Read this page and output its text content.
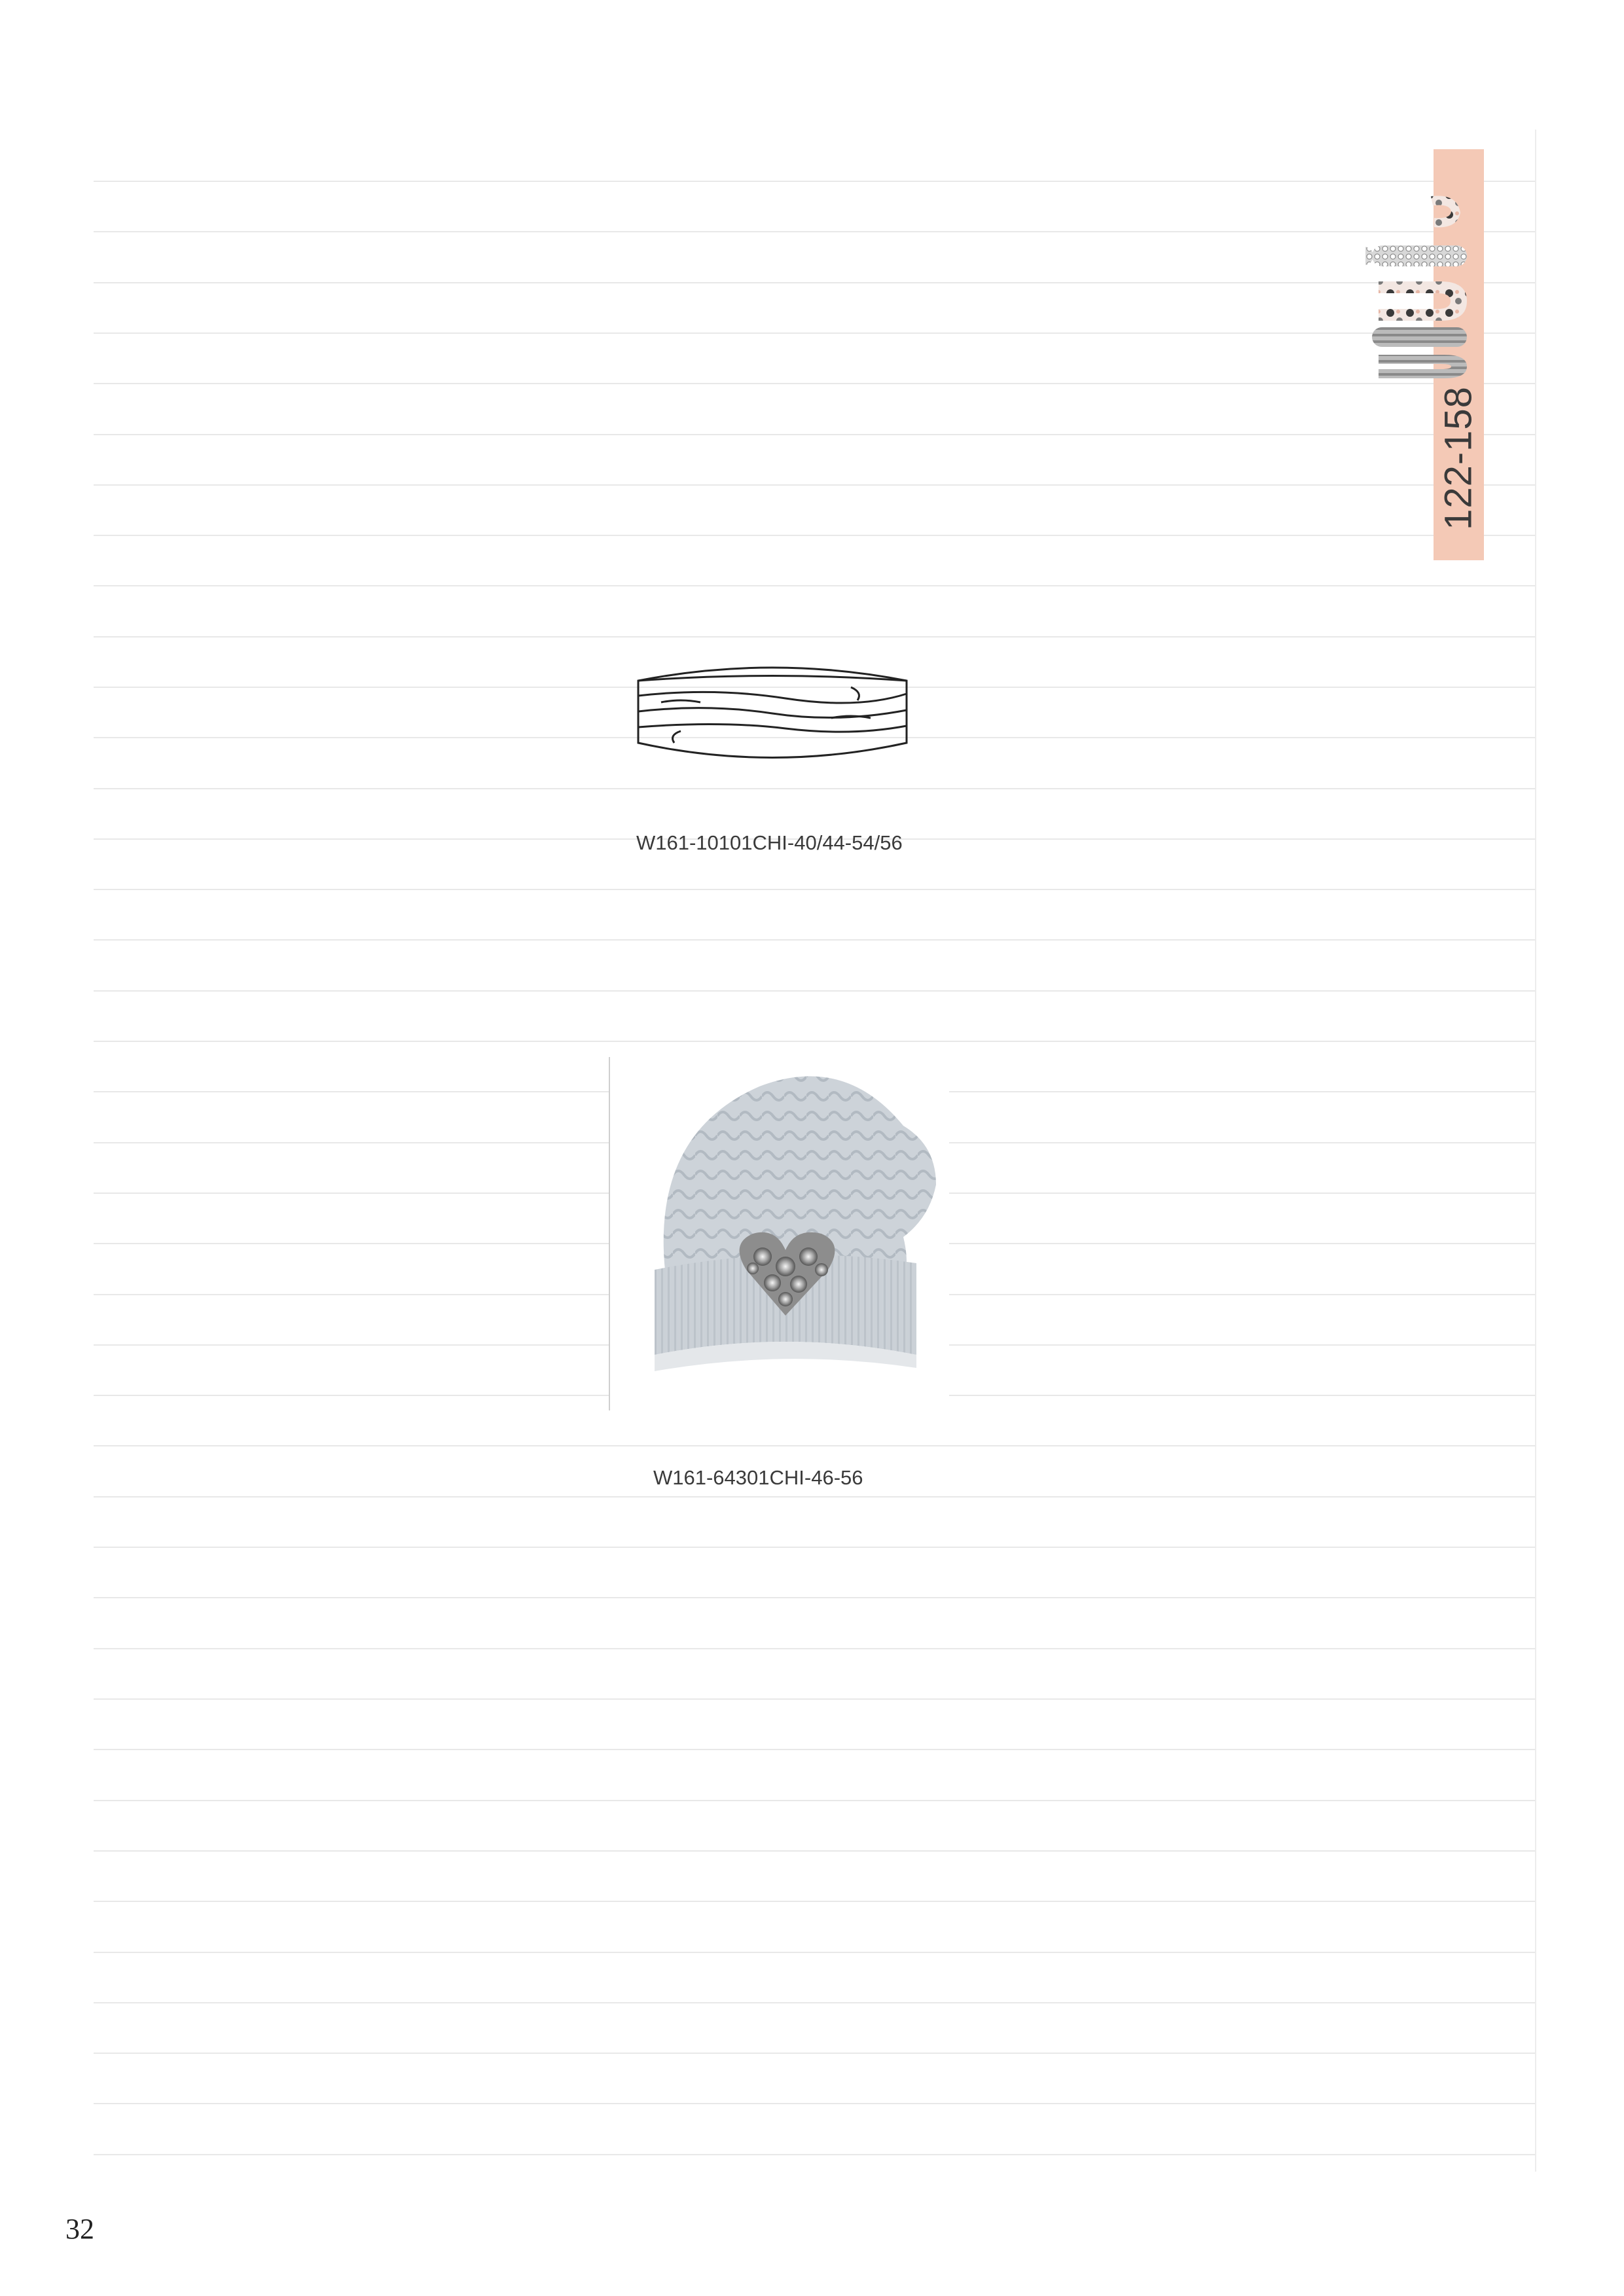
122-158
W161-10101CHI-40/44-54/56
W161-64301CHI-46-56
32
